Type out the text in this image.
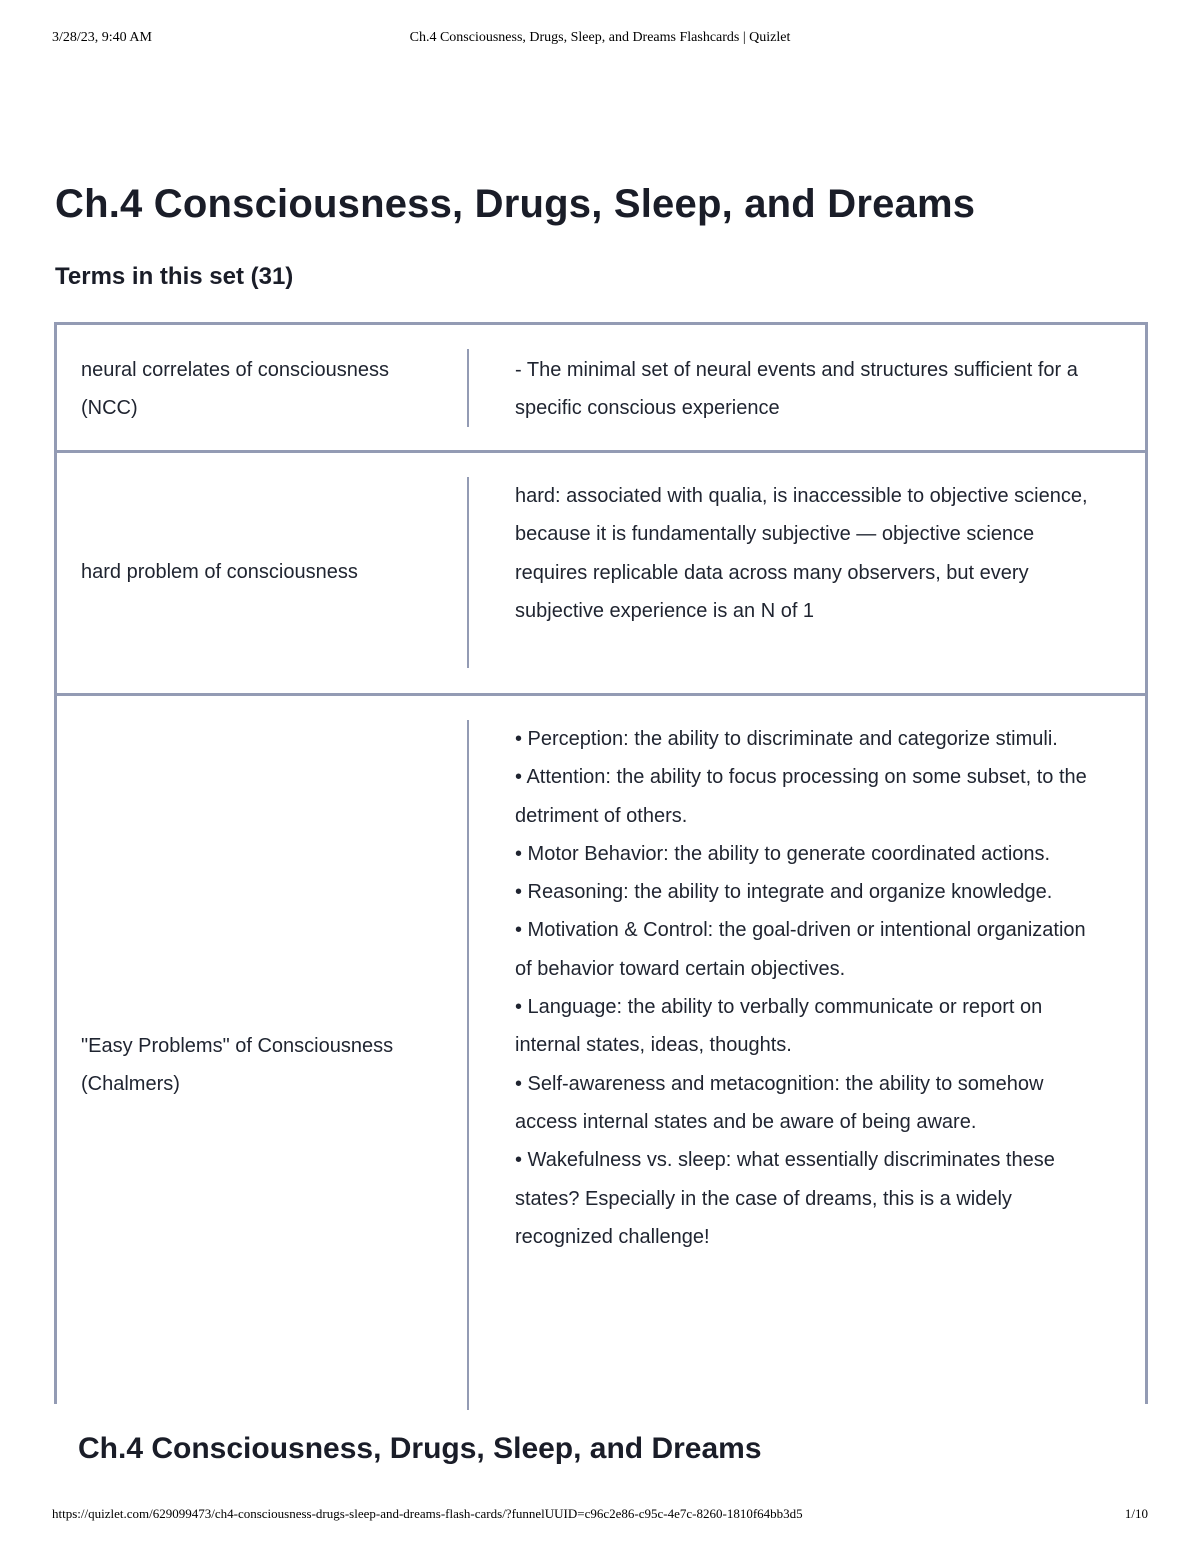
3/28/23, 9:40 AM	Ch.4 Consciousness, Drugs, Sleep, and Dreams Flashcards | Quizlet
Ch.4 Consciousness, Drugs, Sleep, and Dreams
Terms in this set (31)
neural correlates of consciousness (NCC)
- The minimal set of neural events and structures sufficient for a specific conscious experience
hard problem of consciousness
hard: associated with qualia, is inaccessible to objective science, because it is fundamentally subjective — objective science requires replicable data across many observers, but every subjective experience is an N of 1
"Easy Problems" of Consciousness (Chalmers)
• Perception: the ability to discriminate and categorize stimuli.
• Attention: the ability to focus processing on some subset, to the detriment of others.
• Motor Behavior: the ability to generate coordinated actions.
• Reasoning: the ability to integrate and organize knowledge.
• Motivation & Control: the goal-driven or intentional organization of behavior toward certain objectives.
• Language: the ability to verbally communicate or report on internal states, ideas, thoughts.
• Self-awareness and metacognition: the ability to somehow access internal states and be aware of being aware.
• Wakefulness vs. sleep: what essentially discriminates these states? Especially in the case of dreams, this is a widely recognized challenge!
Ch.4 Consciousness, Drugs, Sleep, and Dreams
https://quizlet.com/629099473/ch4-consciousness-drugs-sleep-and-dreams-flash-cards/?funnelUUID=c96c2e86-c95c-4e7c-8260-1810f64bb3d5	1/10
